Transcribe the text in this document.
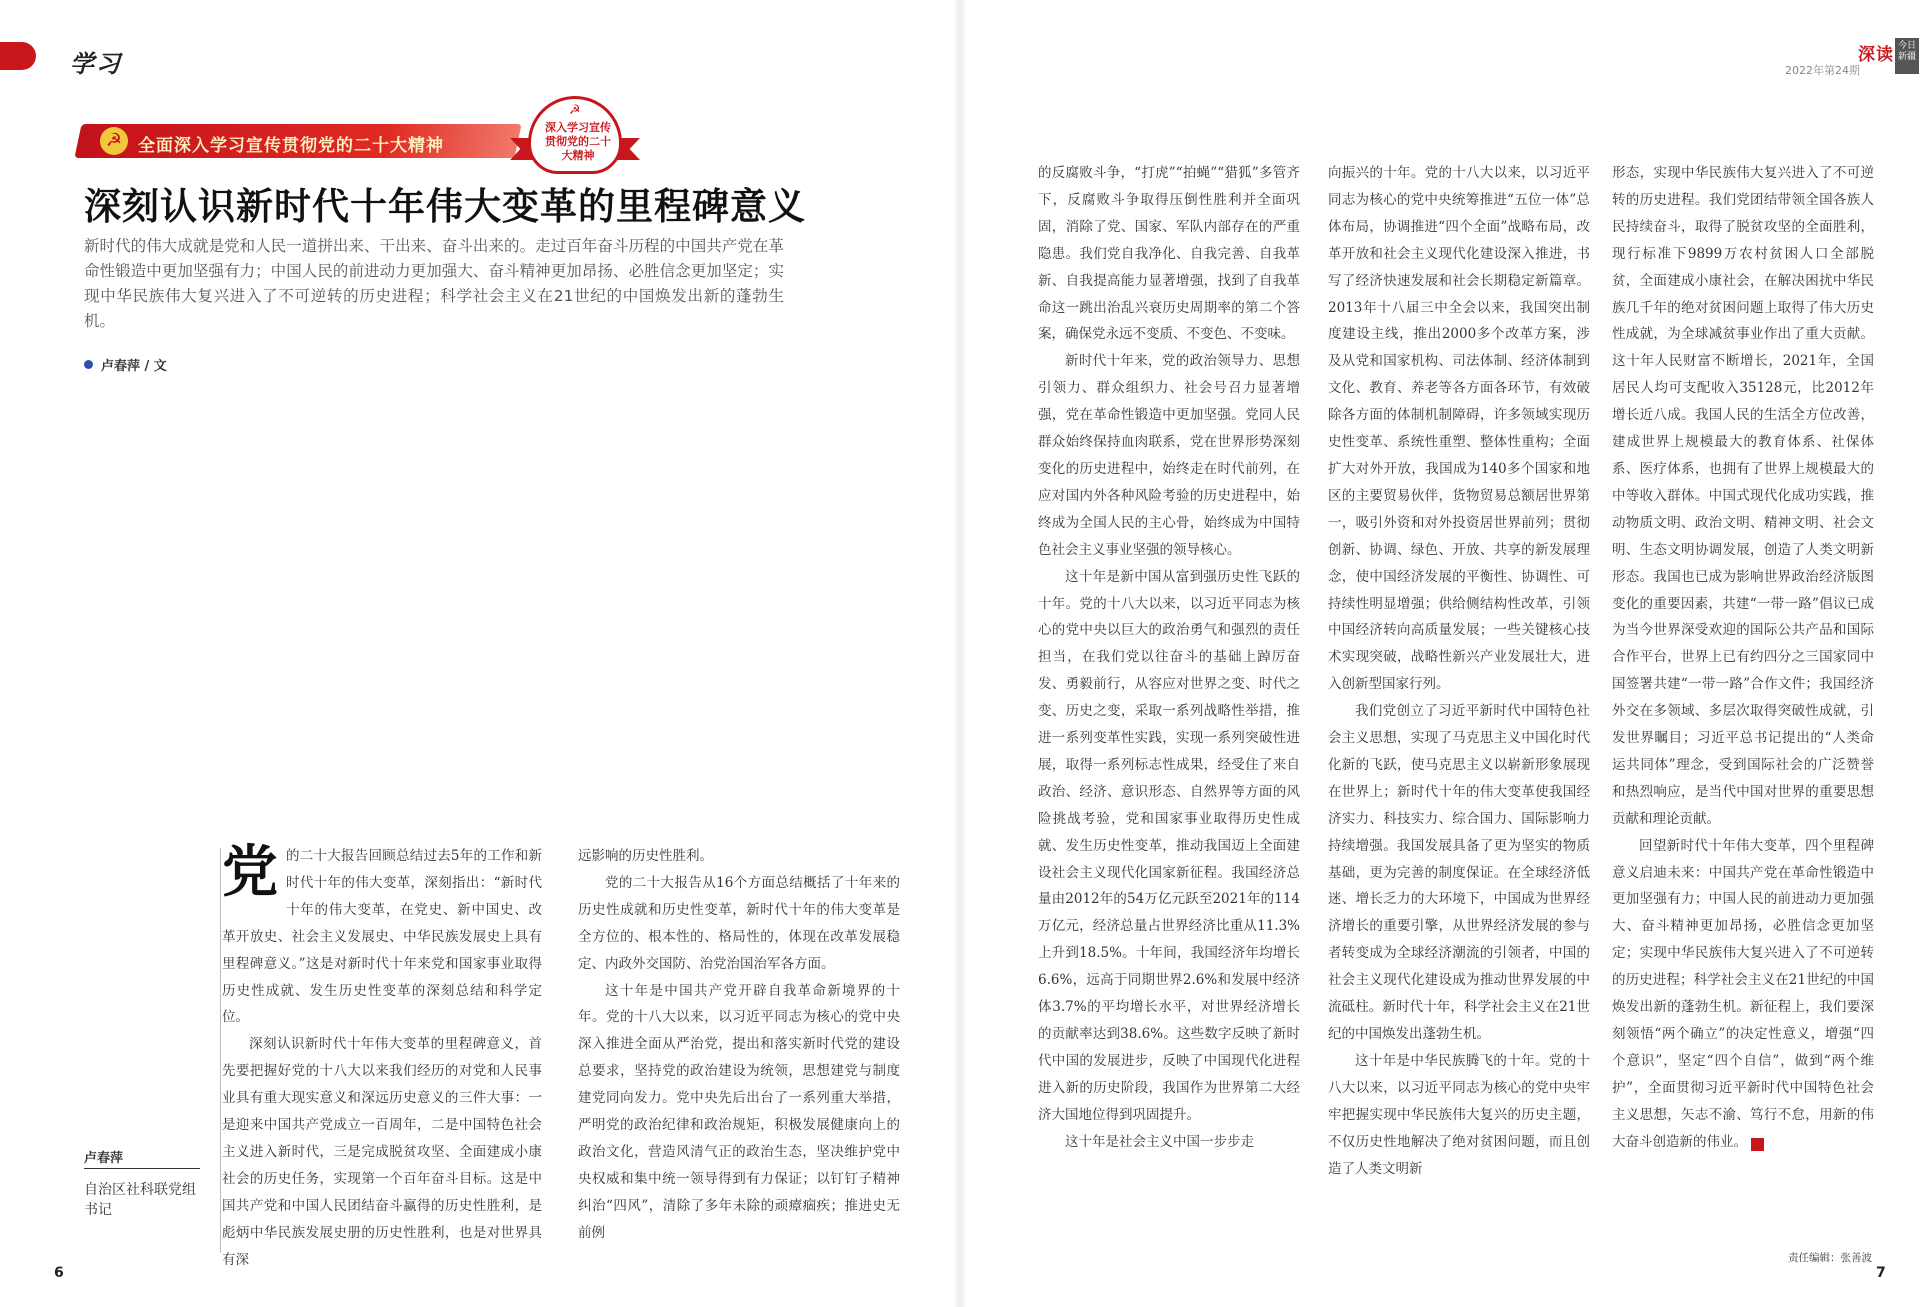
学习	深读 今日新疆
2022年第24期
☭ 全面深入学习宣传贯彻党的二十大精神
☭
深入学习宣传贯彻党的二十大精神
深刻认识新时代十年伟大变革的里程碑意义
新时代的伟大成就是党和人民一道拼出来、干出来、奋斗出来的。走过百年奋斗历程的中国共产党在革命性锻造中更加坚强有力；中国人民的前进动力更加强大、奋斗精神更加昂扬、必胜信念更加坚定；实现中华民族伟大复兴进入了不可逆转的历史进程；科学社会主义在21世纪的中国焕发出新的蓬勃生机。
卢春萍 / 文
卢春萍
自治区社科联党组书记

党的二十大报告回顾总结过去5年的工作和新时代十年的伟大变革，深刻指出：“新时代十年的伟大变革，在党史、新中国史、改革开放史、社会主义发展史、中华民族发展史上具有里程碑意义。”这是对新时代十年来党和国家事业取得历史性成就、发生历史性变革的深刻总结和科学定位。

深刻认识新时代十年伟大变革的里程碑意义，首先要把握好党的十八大以来我们经历的对党和人民事业具有重大现实意义和深远历史意义的三件大事：一是迎来中国共产党成立一百周年，二是中国特色社会主义进入新时代，三是完成脱贫攻坚、全面建成小康社会的历史任务，实现第一个百年奋斗目标。这是中国共产党和中国人民团结奋斗赢得的历史性胜利，是彪炳中华民族发展史册的历史性胜利，也是对世界具有深

远影响的历史性胜利。

党的二十大报告从16个方面总结概括了十年来的历史性成就和历史性变革，新时代十年的伟大变革是全方位的、根本性的、格局性的，体现在改革发展稳定、内政外交国防、治党治国治军各方面。

这十年是中国共产党开辟自我革命新境界的十年。党的十八大以来，以习近平同志为核心的党中央深入推进全面从严治党，提出和落实新时代党的建设总要求，坚持党的政治建设为统领，思想建党与制度建党同向发力。党中央先后出台了一系列重大举措，严明党的政治纪律和政治规矩，积极发展健康向上的政治文化，营造风清气正的政治生态，坚决维护党中央权威和集中统一领导得到有力保证；以钉钉子精神纠治“四风”，清除了多年未除的顽瘴痼疾；推进史无前例

的反腐败斗争，“打虎”“拍蝇”“猎狐”多管齐下，反腐败斗争取得压倒性胜利并全面巩固，消除了党、国家、军队内部存在的严重隐患。我们党自我净化、自我完善、自我革新、自我提高能力显著增强，找到了自我革命这一跳出治乱兴衰历史周期率的第二个答案，确保党永远不变质、不变色、不变味。

新时代十年来，党的政治领导力、思想引领力、群众组织力、社会号召力显著增强，党在革命性锻造中更加坚强。党同人民群众始终保持血肉联系，党在世界形势深刻变化的历史进程中，始终走在时代前列，在应对国内外各种风险考验的历史进程中，始终成为全国人民的主心骨，始终成为中国特色社会主义事业坚强的领导核心。

这十年是新中国从富到强历史性飞跃的十年。党的十八大以来，以习近平同志为核心的党中央以巨大的政治勇气和强烈的责任担当，在我们党以往奋斗的基础上踔厉奋发、勇毅前行，从容应对世界之变、时代之变、历史之变，采取一系列战略性举措，推进一系列变革性实践，实现一系列突破性进展，取得一系列标志性成果，经受住了来自政治、经济、意识形态、自然界等方面的风险挑战考验，党和国家事业取得历史性成就、发生历史性变革，推动我国迈上全面建设社会主义现代化国家新征程。我国经济总量由2012年的54万亿元跃至2021年的114万亿元，经济总量占世界经济比重从11.3%上升到18.5%。十年间，我国经济年均增长6.6%，远高于同期世界2.6%和发展中经济体3.7%的平均增长水平，对世界经济增长的贡献率达到38.6%。这些数字反映了新时代中国的发展进步，反映了中国现代化进程进入新的历史阶段，我国作为世界第二大经济大国地位得到巩固提升。

这十年是社会主义中国一步步走

向振兴的十年。党的十八大以来，以习近平同志为核心的党中央统筹推进“五位一体”总体布局，协调推进“四个全面”战略布局，改革开放和社会主义现代化建设深入推进，书写了经济快速发展和社会长期稳定新篇章。2013年十八届三中全会以来，我国突出制度建设主线，推出2000多个改革方案，涉及从党和国家机构、司法体制、经济体制到文化、教育、养老等各方面各环节，有效破除各方面的体制机制障碍，许多领域实现历史性变革、系统性重塑、整体性重构；全面扩大对外开放，我国成为140多个国家和地区的主要贸易伙伴，货物贸易总额居世界第一，吸引外资和对外投资居世界前列；贯彻创新、协调、绿色、开放、共享的新发展理念，使中国经济发展的平衡性、协调性、可持续性明显增强；供给侧结构性改革，引领中国经济转向高质量发展；一些关键核心技术实现突破，战略性新兴产业发展壮大，进入创新型国家行列。

我们党创立了习近平新时代中国特色社会主义思想，实现了马克思主义中国化时代化新的飞跃，使马克思主义以崭新形象展现在世界上；新时代十年的伟大变革使我国经济实力、科技实力、综合国力、国际影响力持续增强。我国发展具备了更为坚实的物质基础，更为完善的制度保证。在全球经济低迷、增长乏力的大环境下，中国成为世界经济增长的重要引擎，从世界经济发展的参与者转变成为全球经济潮流的引领者，中国的社会主义现代化建设成为推动世界发展的中流砥柱。新时代十年，科学社会主义在21世纪的中国焕发出蓬勃生机。

这十年是中华民族腾飞的十年。党的十八大以来，以习近平同志为核心的党中央牢牢把握实现中华民族伟大复兴的历史主题，不仅历史性地解决了绝对贫困问题，而且创造了人类文明新

形态，实现中华民族伟大复兴进入了不可逆转的历史进程。我们党团结带领全国各族人民持续奋斗，取得了脱贫攻坚的全面胜利，现行标准下9899万农村贫困人口全部脱贫，全面建成小康社会，在解决困扰中华民族几千年的绝对贫困问题上取得了伟大历史性成就，为全球减贫事业作出了重大贡献。这十年人民财富不断增长，2021年，全国居民人均可支配收入35128元，比2012年增长近八成。我国人民的生活全方位改善，建成世界上规模最大的教育体系、社保体系、医疗体系，也拥有了世界上规模最大的中等收入群体。中国式现代化成功实践，推动物质文明、政治文明、精神文明、社会文明、生态文明协调发展，创造了人类文明新形态。我国也已成为影响世界政治经济版图变化的重要因素，共建“一带一路”倡议已成为当今世界深受欢迎的国际公共产品和国际合作平台，世界上已有约四分之三国家同中国签署共建“一带一路”合作文件；我国经济外交在多领域、多层次取得突破性成就，引发世界瞩目；习近平总书记提出的“人类命运共同体”理念，受到国际社会的广泛赞誉和热烈响应，是当代中国对世界的重要思想贡献和理论贡献。

回望新时代十年伟大变革，四个里程碑意义启迪未来：中国共产党在革命性锻造中更加坚强有力；中国人民的前进动力更加强大、奋斗精神更加昂扬，必胜信念更加坚定；实现中华民族伟大复兴进入了不可逆转的历史进程；科学社会主义在21世纪的中国焕发出新的蓬勃生机。新征程上，我们要深刻领悟“两个确立”的决定性意义，增强“四个意识”，坚定“四个自信”，做到“两个维护”，全面贯彻习近平新时代中国特色社会主义思想，矢志不渝、笃行不怠，用新的伟大奋斗创造新的伟业。	J

6	7
责任编辑：张善波
